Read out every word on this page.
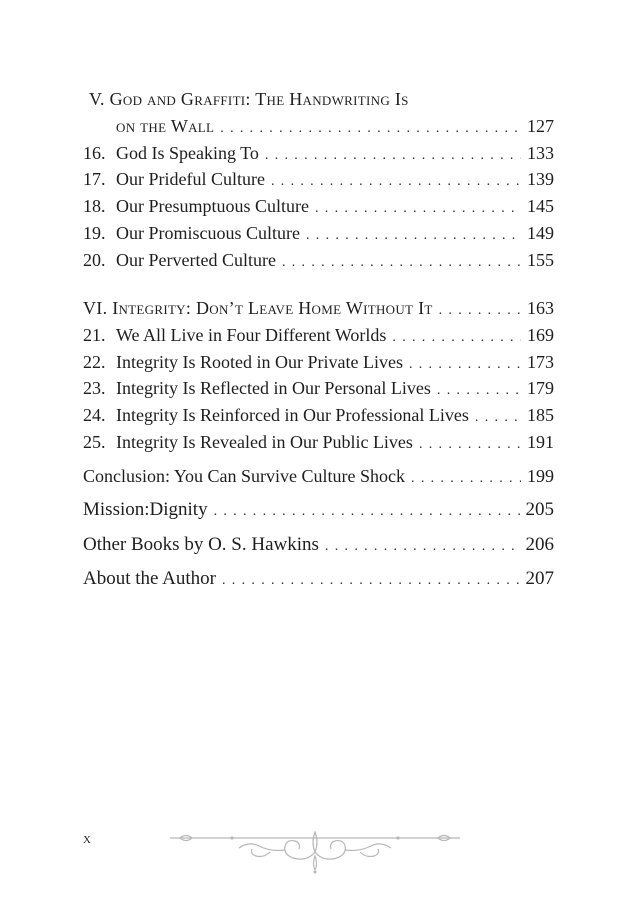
V. God and Graffiti: The Handwriting Is
on the Wall . . .	127
16. God Is Speaking To . . .	133
17. Our Prideful Culture . . .	139
18. Our Presumptuous Culture . . .	145
19. Our Promiscuous Culture . . .	149
20. Our Perverted Culture . . .	155
VI. Integrity: Don’t Leave Home Without It . . .	163
21. We All Live in Four Different Worlds . . .	169
22. Integrity Is Rooted in Our Private Lives . . .	173
23. Integrity Is Reflected in Our Personal Lives . . .	179
24. Integrity Is Reinforced in Our Professional Lives . . .	185
25. Integrity Is Revealed in Our Public Lives . . .	191
Conclusion: You Can Survive Culture Shock . . .	199
Mission:Dignity . . .	205
Other Books by O. S. Hawkins . . .	206
About the Author . . .	207
x
